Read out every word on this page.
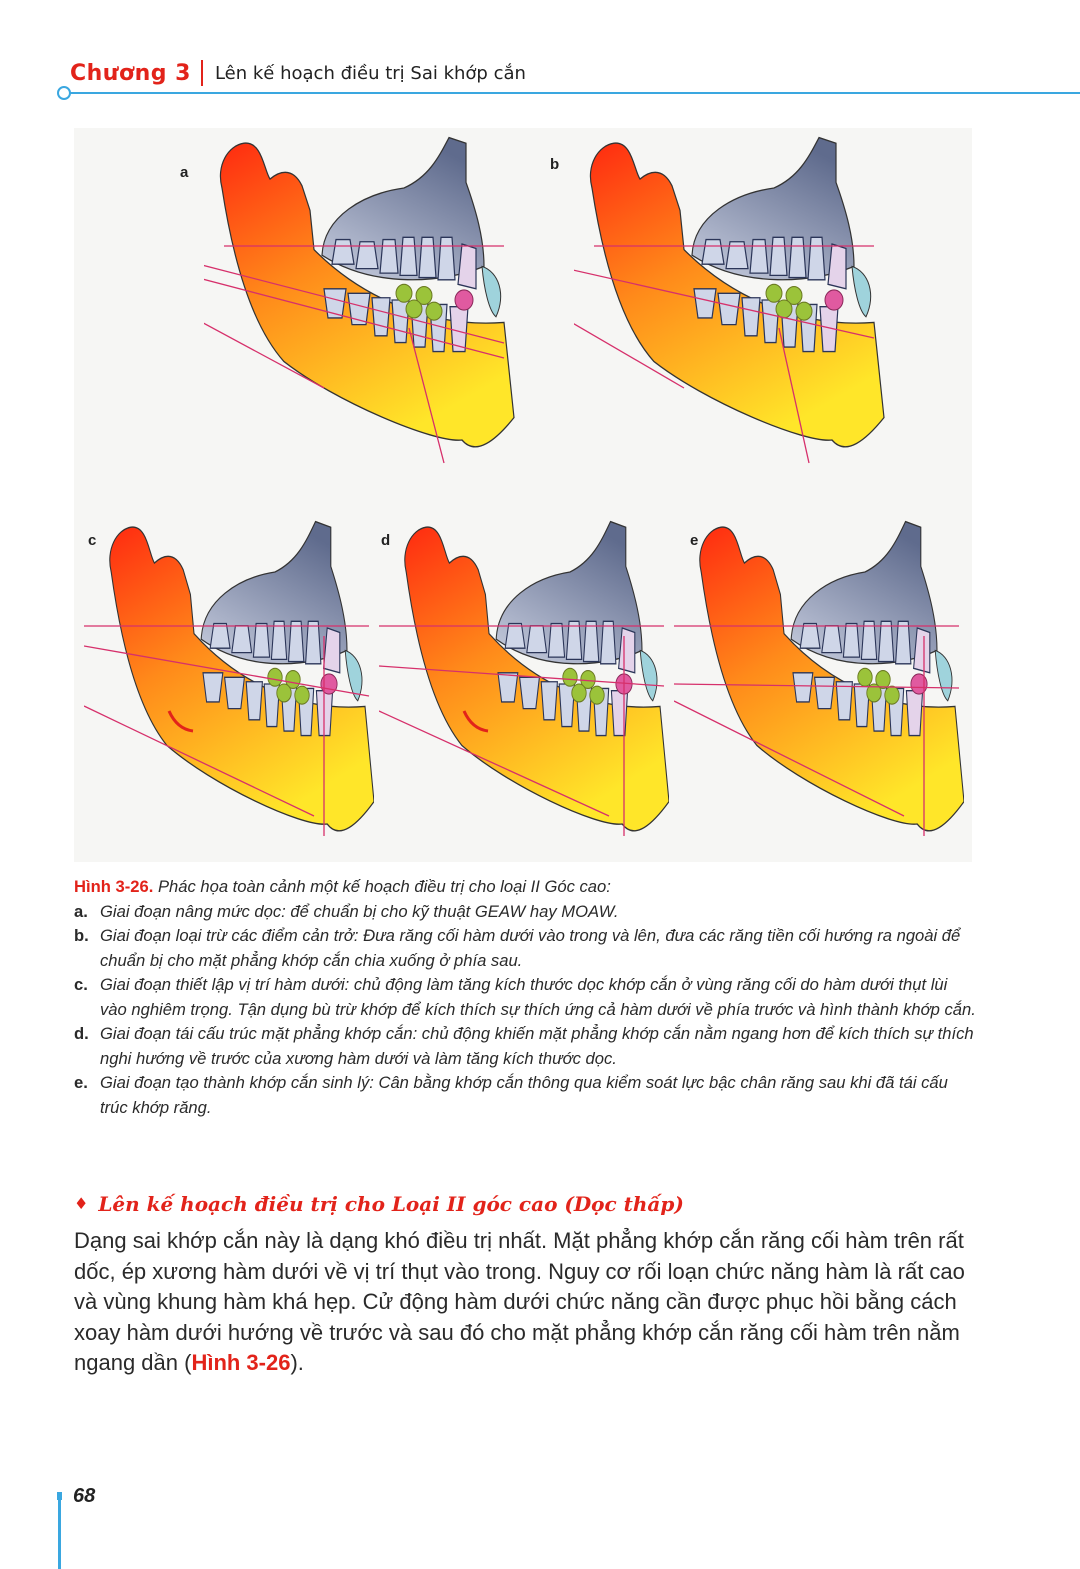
Chương 3 Lên kế hoạch điều trị Sai khớp cắn
a	b
c	d	e
Hình 3-26. Phác họa toàn cảnh một kế hoạch điều trị cho loại II Góc cao:
a. Giai đoạn nâng mức dọc: để chuẩn bị cho kỹ thuật GEAW hay MOAW.
b. Giai đoạn loại trừ các điểm cản trở: Đưa răng cối hàm dưới vào trong và lên, đưa các răng tiền cối hướng ra ngoài để chuẩn bị cho mặt phẳng khớp cắn chia xuống ở phía sau.
c. Giai đoạn thiết lập vị trí hàm dưới: chủ động làm tăng kích thước dọc khớp cắn ở vùng răng cối do hàm dưới thụt lùi vào nghiêm trọng. Tận dụng bù trừ khớp để kích thích sự thích ứng cả hàm dưới về phía trước và hình thành khớp cắn.
d. Giai đoạn tái cấu trúc mặt phẳng khớp cắn: chủ động khiến mặt phẳng khớp cắn nằm ngang hơn để kích thích sự thích nghi hướng về trước của xương hàm dưới và làm tăng kích thước dọc.
e. Giai đoạn tạo thành khớp cắn sinh lý: Cân bằng khớp cắn thông qua kiểm soát lực bậc chân răng sau khi đã tái cấu trúc khớp răng.
♦ Lên kế hoạch điều trị cho Loại II góc cao (Dọc thấp)
Dạng sai khớp cắn này là dạng khó điều trị nhất. Mặt phẳng khớp cắn răng cối hàm trên rất dốc, ép xương hàm dưới về vị trí thụt vào trong. Nguy cơ rối loạn chức năng hàm là rất cao và vùng khung hàm khá hẹp. Cử động hàm dưới chức năng cần được phục hồi bằng cách xoay hàm dưới hướng về trước và sau đó cho mặt phẳng khớp cắn răng cối hàm trên nằm ngang dần (Hình 3-26).
68
